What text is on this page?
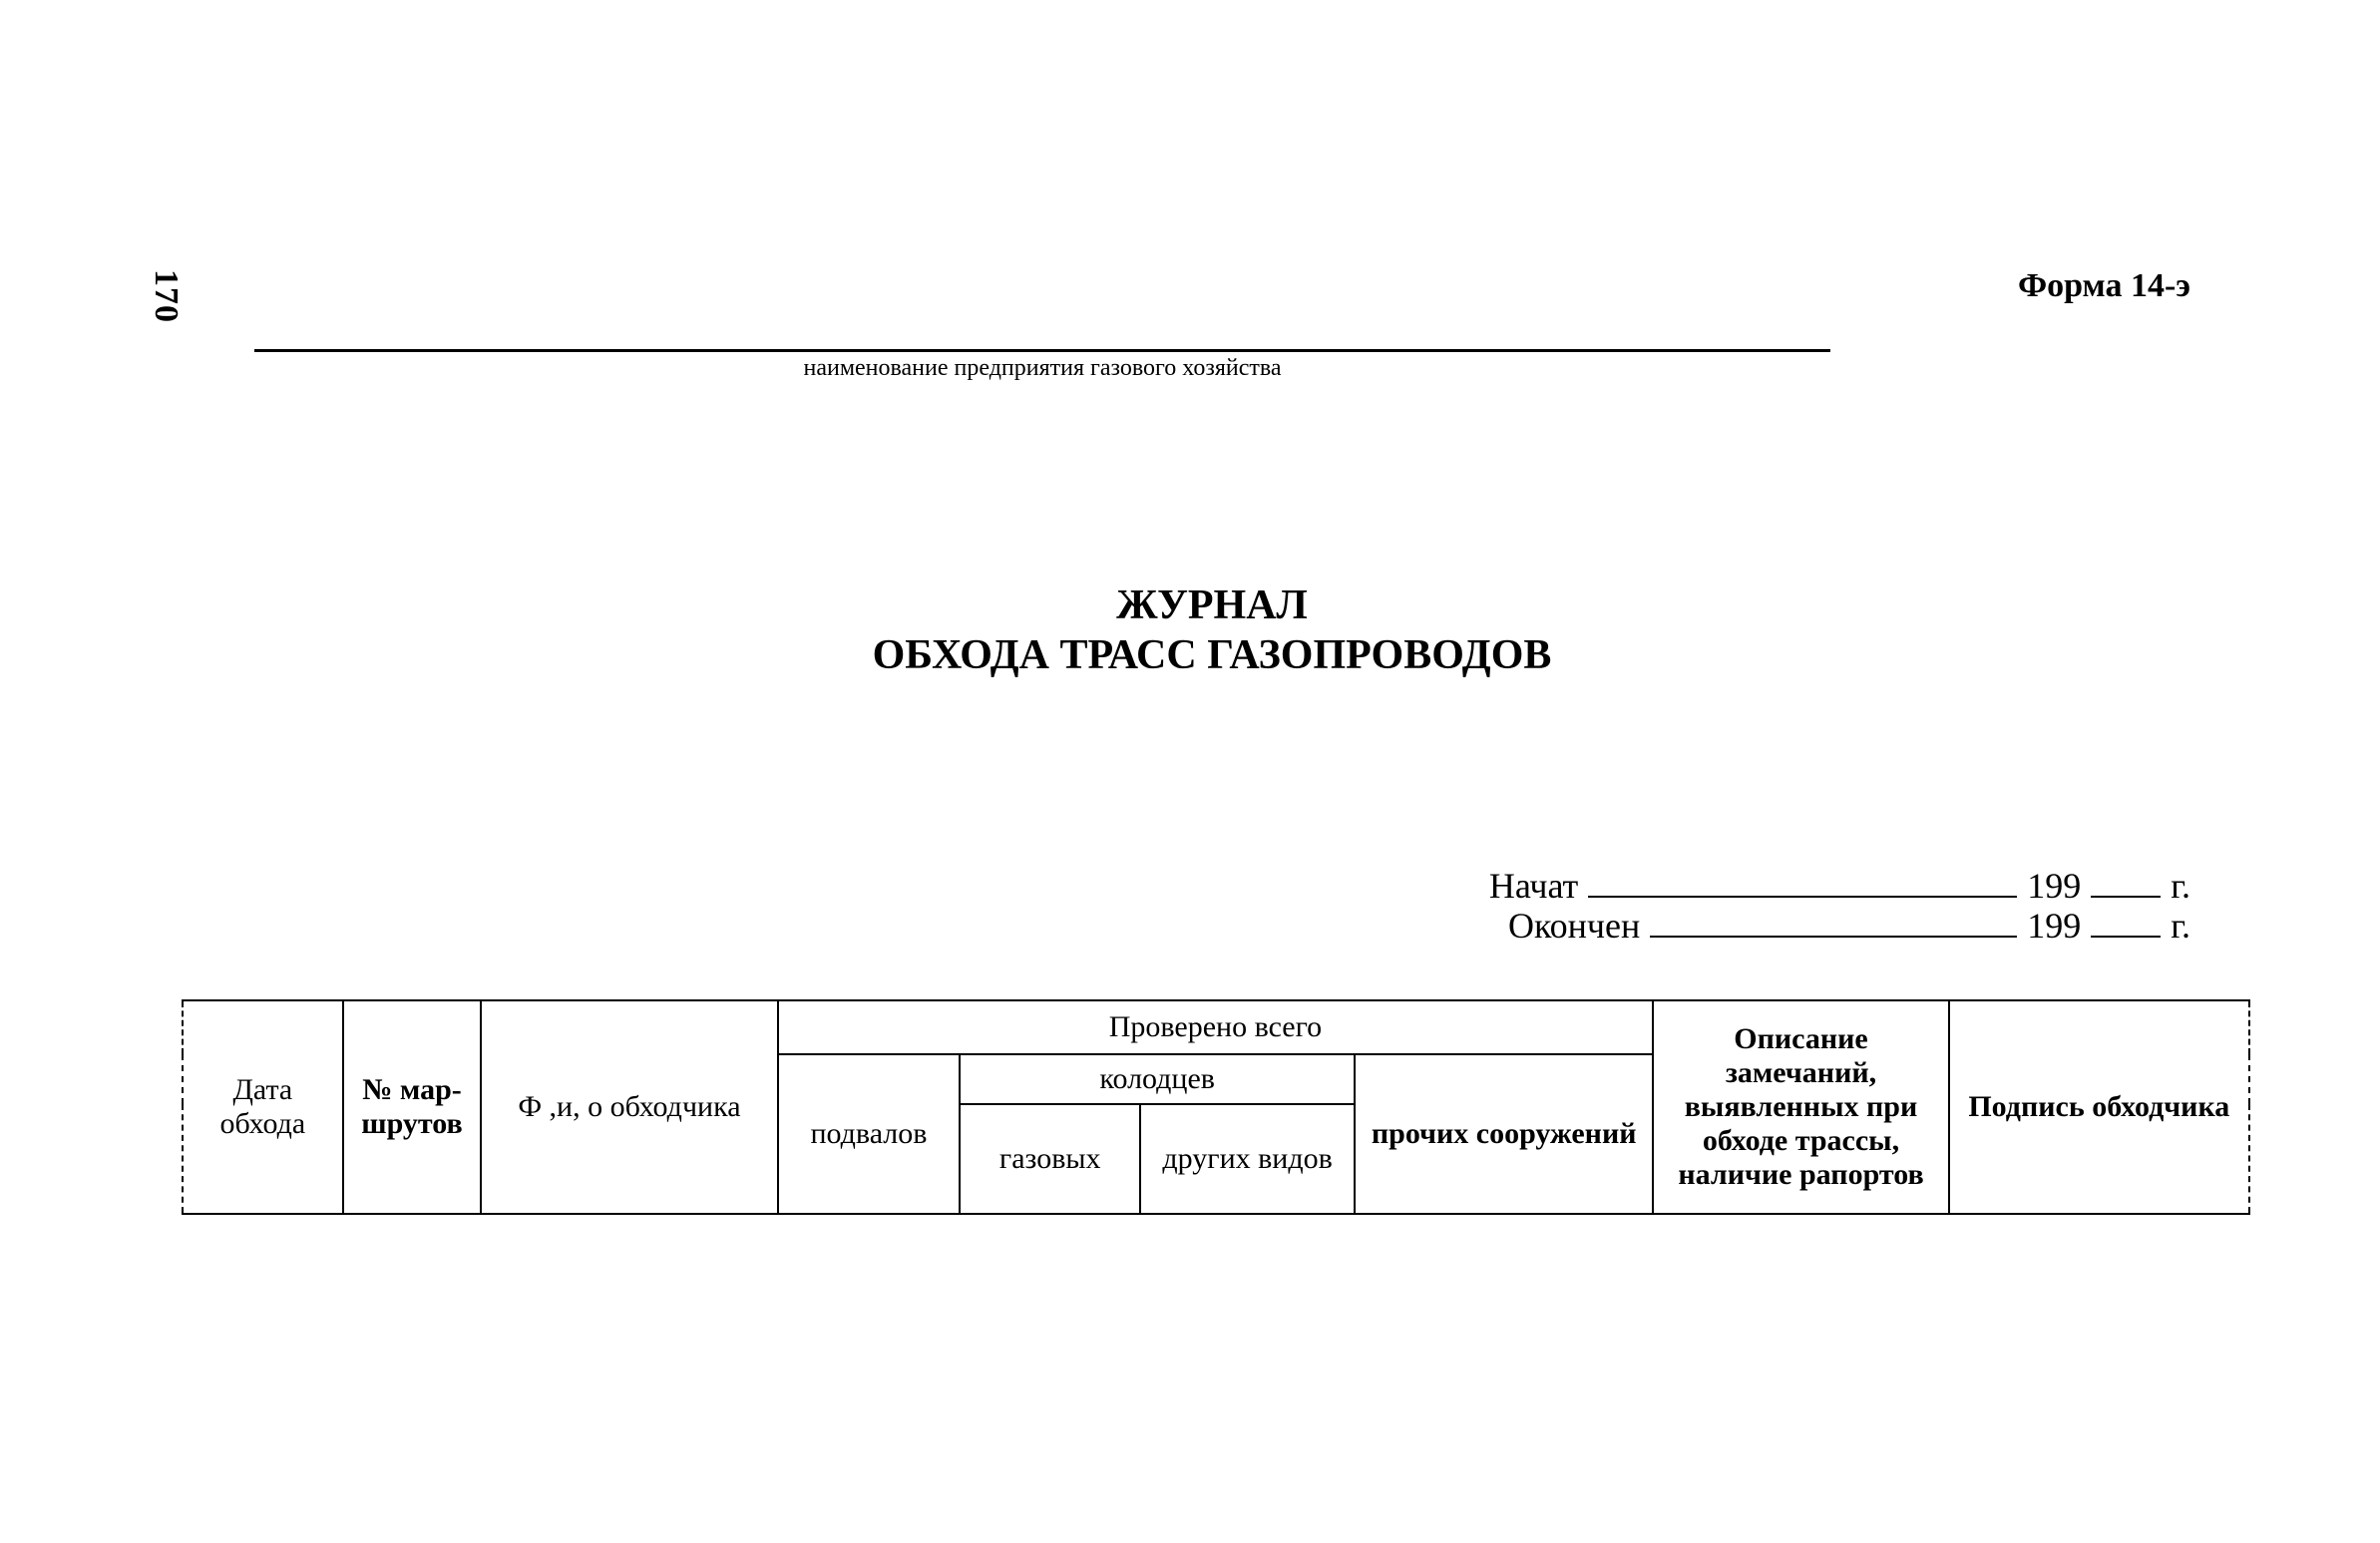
170	Форма 14-э
наименование предприятия газового хозяйства
ЖУРНАЛ
ОБХОДА ТРАСС ГАЗОПРОВОДОВ
Начат	199	г.
Окончен	199	г.
Дата обхода	№ мар-шрутов	Ф ,и, о обходчика	Проверено всего				Описание замечаний, выявленных при обходе трассы, наличие рапортов	Подпись обходчика
			подвалов	колодцев		прочих сооружений		
				газовых	других видов			
